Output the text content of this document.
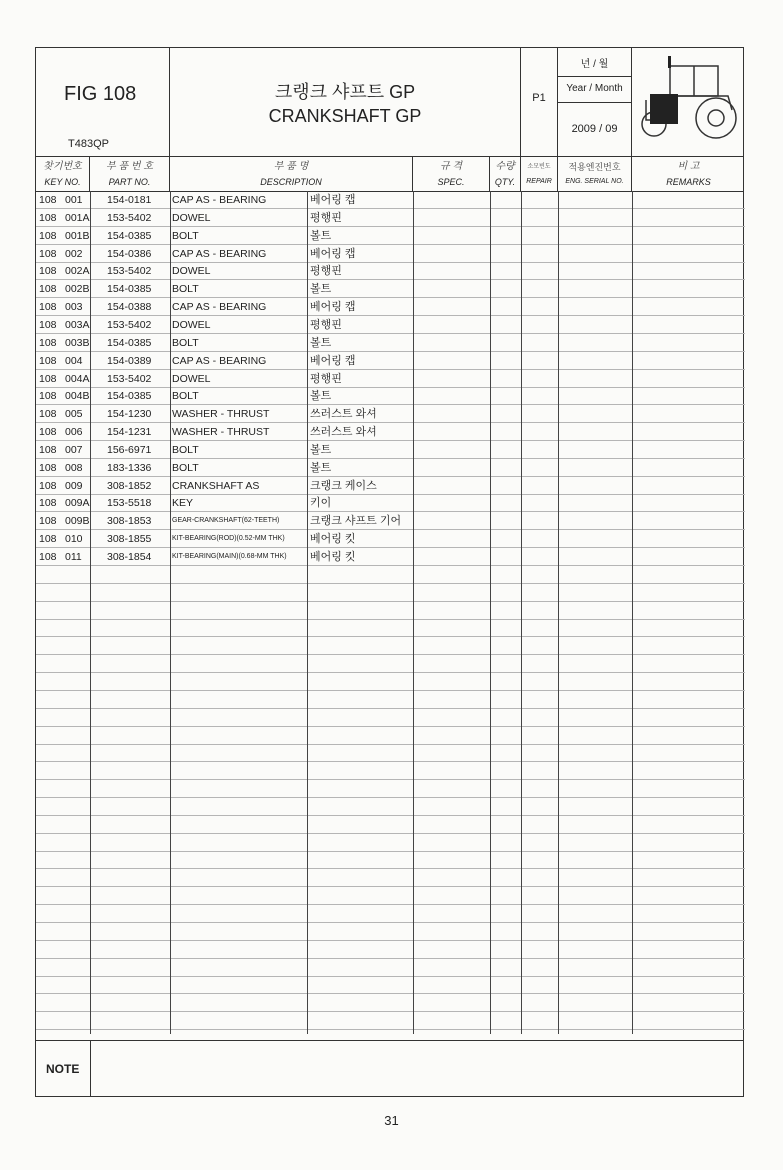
FIG 108
T483QP
크랭크 샤프트 GP
CRANKSHAFT GP
P1
년 / 월
Year / Month
2009 / 09
찾기번호
KEY NO.
부 품 번 호
PART NO.
부 품 명
DESCRIPTION
규 격
SPEC.
수량
QTY.
소모빈도
REPAIR
적용엔진번호
ENG. SERIAL NO.
비 고
REMARKS
108 001 154-0181 CAP AS - BEARING	베어링 캡
108 001A 153-5402 DOWEL	평행핀
108 001B 154-0385 BOLT	볼트
108 002 154-0386 CAP AS - BEARING	베어링 캡
108 002A 153-5402 DOWEL	평행핀
108 002B 154-0385 BOLT	볼트
108 003 154-0388 CAP AS - BEARING	베어링 캡
108 003A 153-5402 DOWEL	평행핀
108 003B 154-0385 BOLT	볼트
108 004 154-0389 CAP AS - BEARING	베어링 캡
108 004A 153-5402 DOWEL	평행핀
108 004B 154-0385 BOLT	볼트
108 005 154-1230 WASHER - THRUST	쓰러스트 와셔
108 006 154-1231 WASHER - THRUST	쓰러스트 와셔
108 007 156-6971 BOLT	볼트
108 008 183-1336 BOLT	볼트
108 009 308-1852 CRANKSHAFT AS	크랭크 케이스
108 009A 153-5518 KEY	키이
108 009B 308-1853	GEAR-CRANKSHAFT(62-TEETH)	크랭크 샤프트 기어
108 010 308-1855	KIT-BEARING(ROD)(0.52-MM THK) 베어링 킷
108 011 308-1854	KIT-BEARING(MAIN)(0.68-MM THK) 베어링 킷
NOTE
31
